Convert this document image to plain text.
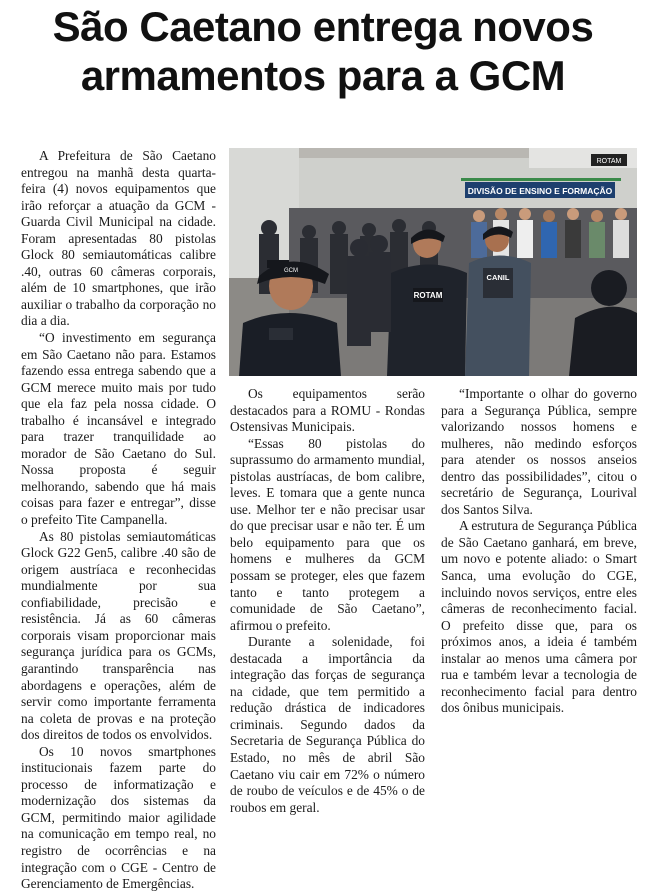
São Caetano entrega novos armamentos para a GCM

A Prefeitura de São Caetano entregou na manhã desta quarta-feira (4) novos equipamentos que irão reforçar a atuação da GCM - Guarda Civil Municipal na cidade. Foram apresentadas 80 pistolas Glock 80 semiautomáticas calibre .40, outras 60 câmeras corporais, além de 10 smartphones, que irão auxiliar o trabalho da corporação no dia a dia.

“O investimento em segurança em São Caetano não para. Estamos fazendo essa entrega sabendo que a GCM merece muito mais por tudo que ela faz pela nossa cidade. O trabalho é incansável e integrado para trazer tranquilidade ao morador de São Caetano do Sul. Nossa proposta é seguir melhorando, sabendo que há mais coisas para fazer e entregar”, disse o prefeito Tite Campanella.

As 80 pistolas semiautomáticas Glock G22 Gen5, calibre .40 são de origem austríaca e reconhecidas mundialmente por sua confiabilidade, precisão e resistência. Já as 60 câmeras corporais visam proporcionar mais segurança jurídica para os GCMs, garantindo transparência nas abordagens e operações, além de servir como importante ferramenta na coleta de provas e na proteção dos direitos de todos os envolvidos.

Os 10 novos smartphones institucionais fazem parte do processo de informatização e modernização dos sistemas da GCM, permitindo maior agilidade na comunicação em tempo real, no registro de ocorrências e na integração com o CGE - Centro de Gerenciamento de Emergências.

DIVISÃO DE ENSINO E FORMAÇÃO
ROTAM
GCM
ROTAM
CANIL

Os equipamentos serão destacados para a ROMU - Rondas Ostensivas Municipais.

“Essas 80 pistolas do suprassumo do armamento mundial, pistolas austríacas, de bom calibre, leves. E tomara que a gente nunca use. Melhor ter e não precisar usar do que precisar usar e não ter. É um belo equipamento para que os homens e mulheres da GCM possam se proteger, eles que fazem tanto e tanto protegem a comunidade de São Caetano”, afirmou o prefeito.

Durante a solenidade, foi destacada a importância da integração das forças de segurança na cidade, que tem permitido a redução drástica de indicadores criminais. Segundo dados da Secretaria de Segurança Pública do Estado, no mês de abril São Caetano viu cair em 72% o número de roubo de veículos e de 45% o de roubos em geral.

“Importante o olhar do governo para a Segurança Pública, sempre valorizando nossos homens e mulheres, não medindo esforços para atender os nossos anseios dentro das possibilidades”, citou o secretário de Segurança, Lourival dos Santos Silva.

A estrutura de Segurança Pública de São Caetano ganhará, em breve, um novo e potente aliado: o Smart Sanca, uma evolução do CGE, incluindo novos serviços, entre eles câmeras de reconhecimento facial. O prefeito disse que, para os próximos anos, a ideia é também instalar ao menos uma câmera por rua e também levar a tecnologia de reconhecimento facial para dentro dos ônibus municipais.
